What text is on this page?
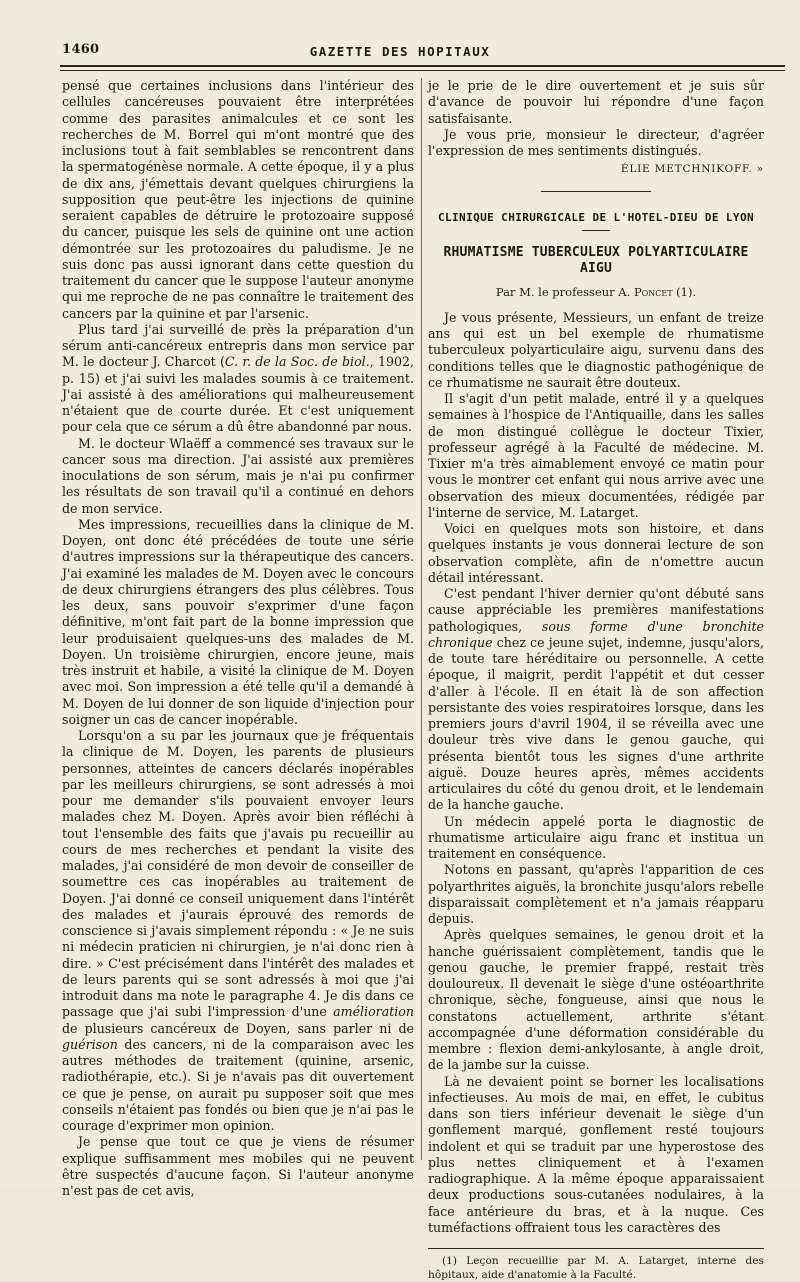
1460	GAZETTE DES HOPITAUX

pensé que certaines inclusions dans l'intérieur des cellules cancéreuses pouvaient être interprétées comme des parasites animalcules et ce sont les recherches de M. Borrel qui m'ont montré que des inclusions tout à fait semblables se rencontrent dans la spermatogénèse normale. A cette époque, il y a plus de dix ans, j'émettais devant quelques chirurgiens la supposition que peut-être les injections de quinine seraient capables de détruire le protozoaire supposé du cancer, puisque les sels de quinine ont une action démontrée sur les protozoaires du paludisme. Je ne suis donc pas aussi ignorant dans cette question du traitement du cancer que le suppose l'auteur anonyme qui me reproche de ne pas connaître le traitement des cancers par la quinine et par l'arsenic.

Plus tard j'ai surveillé de près la préparation d'un sérum anti-cancéreux entrepris dans mon service par M. le docteur J. Charcot (C. r. de la Soc. de biol., 1902, p. 15) et j'ai suivi les malades soumis à ce traitement. J'ai assisté à des améliorations qui malheureusement n'étaient que de courte durée. Et c'est uniquement pour cela que ce sérum a dû être abandonné par nous.

M. le docteur Wlaëff a commencé ses travaux sur le cancer sous ma direction. J'ai assisté aux premières inoculations de son sérum, mais je n'ai pu confirmer les résultats de son travail qu'il a continué en dehors de mon service.

Mes impressions, recueillies dans la clinique de M. Doyen, ont donc été précédées de toute une série d'autres impressions sur la thérapeutique des cancers. J'ai examiné les malades de M. Doyen avec le concours de deux chirurgiens étrangers des plus célèbres. Tous les deux, sans pouvoir s'exprimer d'une façon définitive, m'ont fait part de la bonne impression que leur produisaient quelques-uns des malades de M. Doyen. Un troisième chirurgien, encore jeune, mais très instruit et habile, a visité la clinique de M. Doyen avec moi. Son impression a été telle qu'il a demandé à M. Doyen de lui donner de son liquide d'injection pour soigner un cas de cancer inopérable.

Lorsqu'on a su par les journaux que je fréquentais la clinique de M. Doyen, les parents de plusieurs personnes, atteintes de cancers déclarés inopérables par les meilleurs chirurgiens, se sont adressés à moi pour me demander s'ils pouvaient envoyer leurs malades chez M. Doyen. Après avoir bien réfléchi à tout l'ensemble des faits que j'avais pu recueillir au cours de mes recherches et pendant la visite des malades, j'ai considéré de mon devoir de conseiller de soumettre ces cas inopérables au traitement de Doyen. J'ai donné ce conseil uniquement dans l'intérêt des malades et j'aurais éprouvé des remords de conscience si j'avais simplement répondu : « Je ne suis ni médecin praticien ni chirurgien, je n'ai donc rien à dire. » C'est précisément dans l'intérêt des malades et de leurs parents qui se sont adressés à moi que j'ai introduit dans ma note le paragraphe 4. Je dis dans ce passage que j'ai subi l'impression d'une amélioration de plusieurs cancéreux de Doyen, sans parler ni de guérison des cancers, ni de la comparaison avec les autres méthodes de traitement (quinine, arsenic, radiothérapie, etc.). Si je n'avais pas dit ouvertement ce que je pense, on aurait pu supposer soit que mes conseils n'étaient pas fondés ou bien que je n'ai pas le courage d'exprimer mon opinion.

Je pense que tout ce que je viens de résumer explique suffisamment mes mobiles qui ne peuvent être suspectés d'aucune façon. Si l'auteur anonyme n'est pas de cet avis,

je le prie de le dire ouvertement et je suis sûr d'avance de pouvoir lui répondre d'une façon satisfaisante.

Je vous prie, monsieur le directeur, d'agréer l'expression de mes sentiments distingués.

ÉLIE METCHNIKOFF. »
CLINIQUE CHIRURGICALE DE L'HOTEL-DIEU DE LYON
RHUMATISME TUBERCULEUX POLYARTICULAIRE AIGU
Par M. le professeur A. Poncet (1).

Je vous présente, Messieurs, un enfant de treize ans qui est un bel exemple de rhumatisme tuberculeux polyarticulaire aigu, survenu dans des conditions telles que le diagnostic pathogénique de ce rhumatisme ne saurait être douteux.

Il s'agit d'un petit malade, entré il y a quelques semaines à l'hospice de l'Antiquaille, dans les salles de mon distingué collègue le docteur Tixier, professeur agrégé à la Faculté de médecine. M. Tixier m'a très aimablement envoyé ce matin pour vous le montrer cet enfant qui nous arrive avec une observation des mieux documentées, rédigée par l'interne de service, M. Latarget.

Voici en quelques mots son histoire, et dans quelques instants je vous donnerai lecture de son observation complète, afin de n'omettre aucun détail intéressant.

C'est pendant l'hiver dernier qu'ont débuté sans cause appréciable les premières manifestations pathologiques, sous forme d'une bronchite chronique chez ce jeune sujet, indemne, jusqu'alors, de toute tare héréditaire ou personnelle. A cette époque, il maigrit, perdit l'appétit et dut cesser d'aller à l'école. Il en était là de son affection persistante des voies respiratoires lorsque, dans les premiers jours d'avril 1904, il se réveilla avec une douleur très vive dans le genou gauche, qui présenta bientôt tous les signes d'une arthrite aiguë. Douze heures après, mêmes accidents articulaires du côté du genou droit, et le lendemain de la hanche gauche.

Un médecin appelé porta le diagnostic de rhumatisme articulaire aigu franc et institua un traitement en conséquence.

Notons en passant, qu'après l'apparition de ces polyarthrites aiguës, la bronchite jusqu'alors rebelle disparaissait complètement et n'a jamais réapparu depuis.

Après quelques semaines, le genou droit et la hanche guérissaient complètement, tandis que le genou gauche, le premier frappé, restait très douloureux. Il devenait le siège d'une ostéoarthrite chronique, sèche, fongueuse, ainsi que nous le constatons actuellement, arthrite s'étant accompagnée d'une déformation considérable du membre : flexion demi-ankylosante, à angle droit, de la jambe sur la cuisse.

Là ne devaient point se borner les localisations infectieuses. Au mois de mai, en effet, le cubitus dans son tiers inférieur devenait le siège d'un gonflement marqué, gonflement resté toujours indolent et qui se traduit par une hyperostose des plus nettes cliniquement et à l'examen radiographique. A la même époque apparaissaient deux productions sous-cutanées nodulaires, à la face antérieure du bras, et à la nuque. Ces tuméfactions offraient tous les caractères des

(1) Leçon recueillie par M. A. Latarget, interne des hôpitaux, aide d'anatomie à la Faculté.
